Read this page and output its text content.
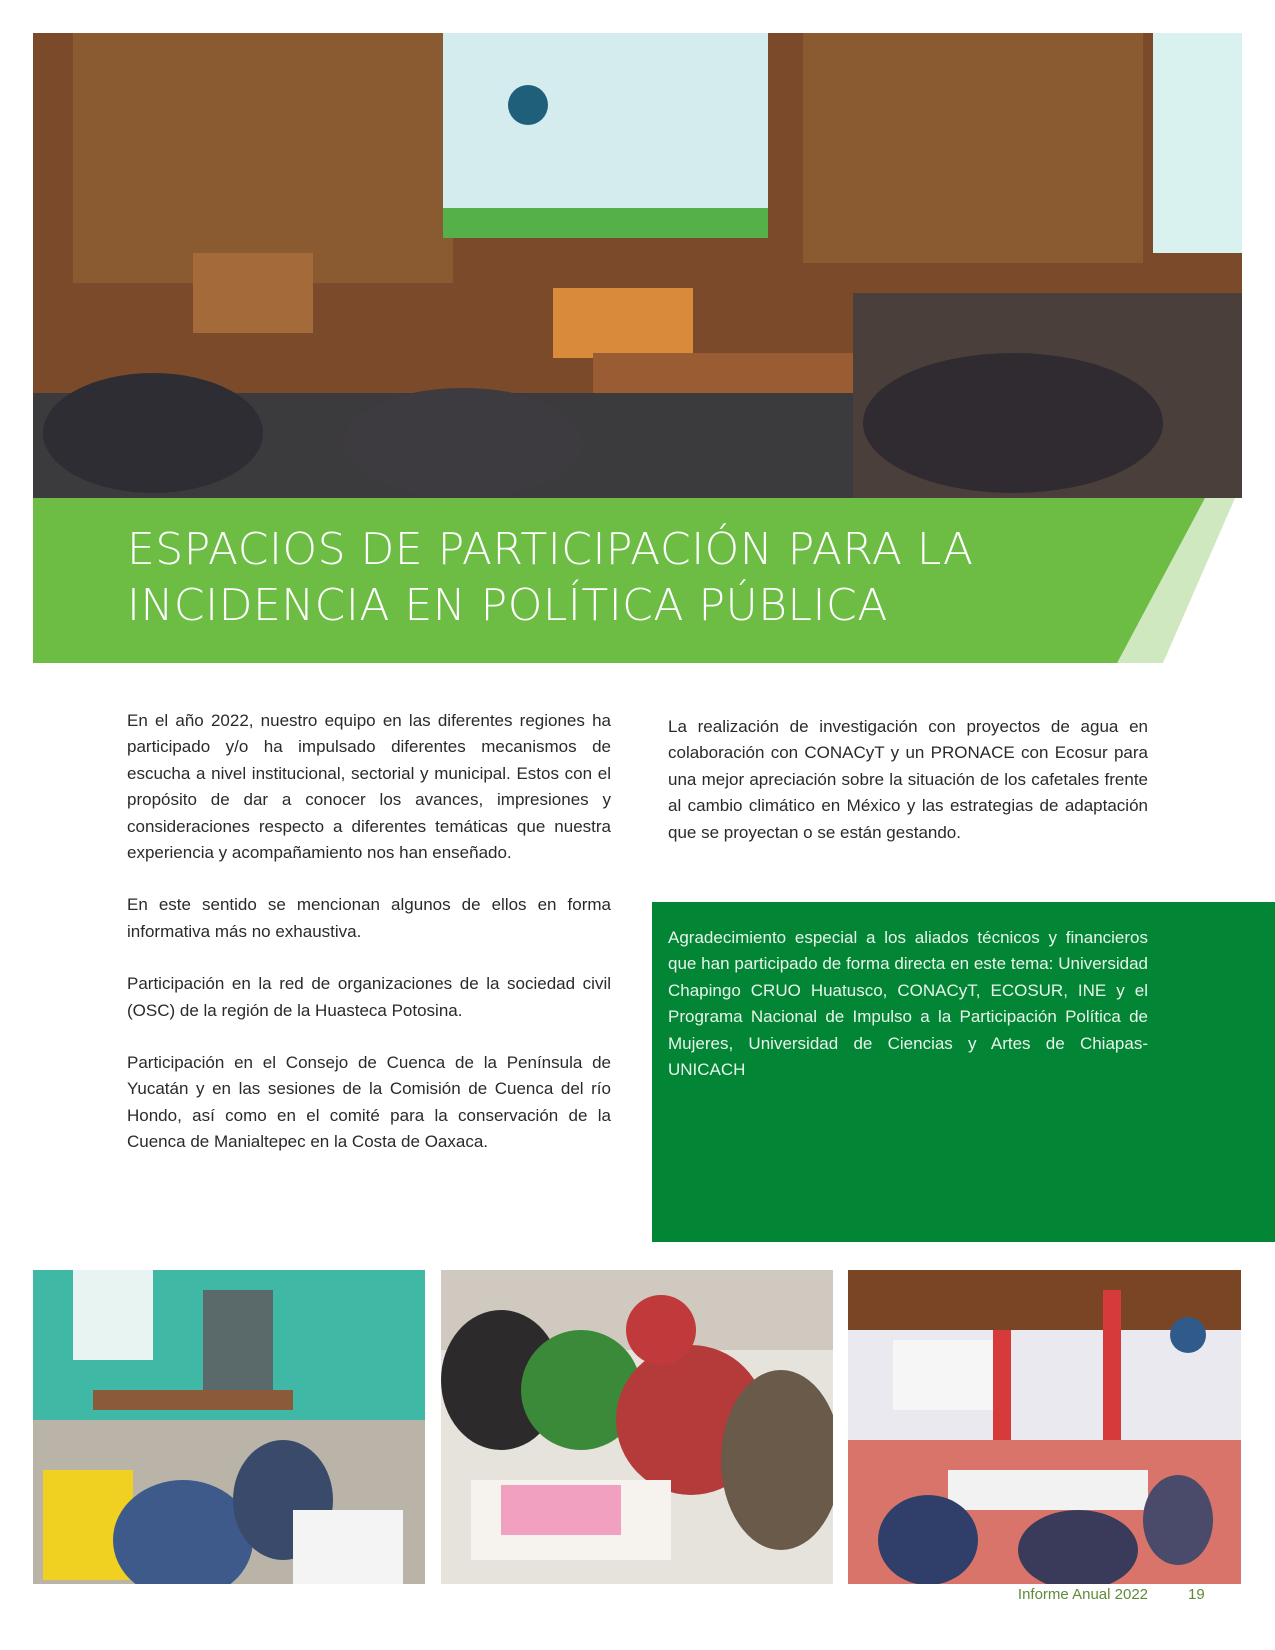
ESPACIOS DE PARTICIPACIÓN PARA LA
INCIDENCIA EN POLÍTICA PÚBLICA

En el año 2022, nuestro equipo en las diferentes regiones ha participado y/o ha impulsado diferentes mecanismos de escucha a nivel institucional, sectorial y municipal. Estos con el propósito de dar a conocer los avances, impresiones y consideraciones respecto a diferentes temáticas que nuestra experiencia y acompañamiento nos han enseñado.

En este sentido se mencionan algunos de ellos en forma informativa más no exhaustiva.

Participación en la red de organizaciones de la sociedad civil (OSC) de la región de la Huasteca Potosina.

Participación en el Consejo de Cuenca de la Península de Yucatán y en las sesiones de la Comisión de Cuenca del río Hondo, así como en el comité para la conservación de la Cuenca de Manialtepec en la Costa de Oaxaca.

La realización de investigación con proyectos de agua en colaboración con CONACyT y un PRONACE con Ecosur para una mejor apreciación sobre la situación de los cafetales frente al cambio climático en México y las estrategias de adaptación que se proyectan o se están gestando.

Agradecimiento especial a los aliados técnicos y financieros que han participado de forma directa en este tema: Universidad Chapingo CRUO Huatusco, CONACyT, ECOSUR, INE y el Programa Nacional de Impulso a la Participación Política de Mujeres, Universidad de Ciencias y Artes de Chiapas- UNICACH
Informe Anual 2022	19
